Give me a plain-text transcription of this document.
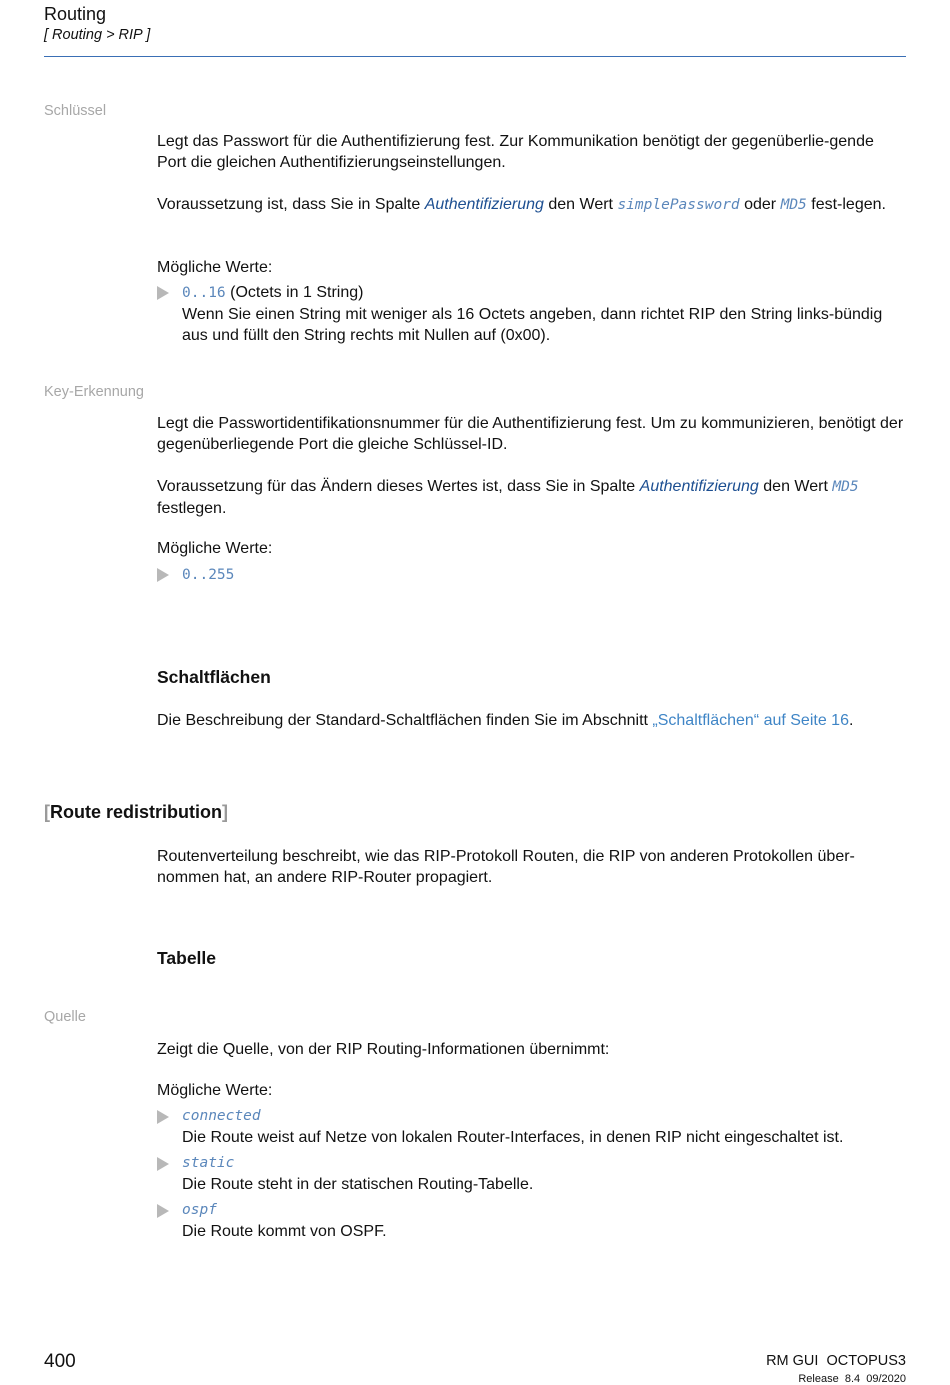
Routing
[ Routing > RIP ]
Schlüssel

Legt das Passwort für die Authentifizierung fest. Zur Kommunikation benötigt der gegenüberlie-gende Port die gleichen Authentifizierungseinstellungen.

Voraussetzung ist, dass Sie in Spalte Authentifizierung den Wert simplePassword oder MD5 fest-legen.

Mögliche Werte:

0..16 (Octets in 1 String)
Wenn Sie einen String mit weniger als 16 Octets angeben, dann richtet RIP den String links-bündig aus und füllt den String rechts mit Nullen auf (0x00).
Key-Erkennung

Legt die Passwortidentifikationsnummer für die Authentifizierung fest. Um zu kommunizieren, benötigt der gegenüberliegende Port die gleiche Schlüssel-ID.

Voraussetzung für das Ändern dieses Wertes ist, dass Sie in Spalte Authentifizierung den Wert MD5 festlegen.

Mögliche Werte:

0..255
Schaltflächen

Die Beschreibung der Standard-Schaltflächen finden Sie im Abschnitt „Schaltflächen“ auf Seite 16.

[Route redistribution]

Routenverteilung beschreibt, wie das RIP-Protokoll Routen, die RIP von anderen Protokollen über-nommen hat, an andere RIP-Router propagiert.

Tabelle
Quelle

Zeigt die Quelle, von der RIP Routing-Informationen übernimmt:

Mögliche Werte:

connected
Die Route weist auf Netze von lokalen Router-Interfaces, in denen RIP nicht eingeschaltet ist.
static
Die Route steht in der statischen Routing-Tabelle.
ospf
Die Route kommt von OSPF.
400	RM GUI  OCTOPUS3
Release  8.4  09/2020
